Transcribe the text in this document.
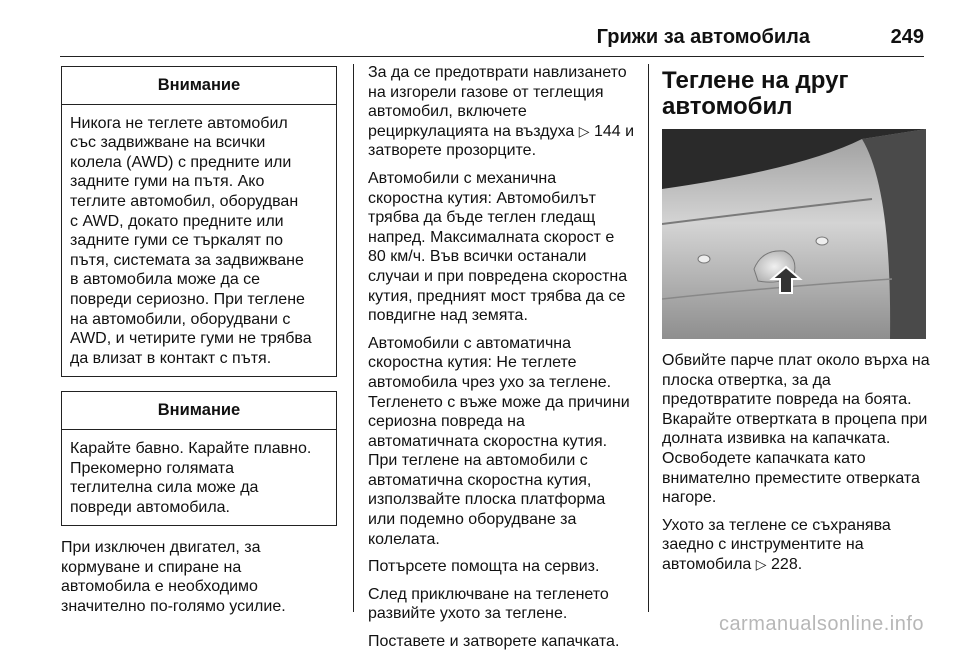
Грижи за автомобила	249
Внимание
Никога не теглете автомобил
със задвижване на всички
колела (AWD) с предните или
задните гуми на пътя. Ако
теглите автомобил, оборудван
с AWD, докато предните или
задните гуми се търкалят по
пътя, системата за задвижване
в автомобила може да се
повреди сериозно. При теглене
на автомобили, оборудвани с
AWD, и четирите гуми не трябва
да влизат в контакт с пътя.
Внимание
Карайте бавно. Карайте плавно.
Прекомерно голямата
теглителна сила може да
повреди автомобила.

При изключен двигател, за
кормуване и спиране на
автомобила е необходимо
значително по-голямо усилие.

За да се предотврати навлизането
на изгорели газове от теглещия
автомобил, включете
рециркулацията на въздуха ▷ 144 и
затворете прозорците.

Автомобили с механична
скоростна кутия: Автомобилът
трябва да бъде теглен гледащ
напред. Максималната скорост е
80 км/ч. Във всички останали
случаи и при повредена скоростна
кутия, предният мост трябва да се
повдигне над земята.

Автомобили с автоматична
скоростна кутия: Не теглете
автомобила чрез ухо за теглене.
Тегленето с въже може да причини
сериозна повреда на
автоматичната скоростна кутия.
При теглене на автомобили с
автоматична скоростна кутия,
използвайте плоска платформа
или подемно оборудване за
колелата.

Потърсете помощта на сервиз.

След приключване на тегленето
развийте ухото за теглене.

Поставете и затворете капачката.

Теглене на друг
автомобил

Обвийте парче плат около върха на
плоска отвертка, за да
предотвратите повреда на боята.
Вкарайте отвертката в процепа при
долната извивка на капачката.
Освободете капачката като
внимателно преместите отверката
нагоре.

Ухото за теглене се съхранява
заедно с инструментите на
автомобила ▷ 228.

carmanualsonline.info
